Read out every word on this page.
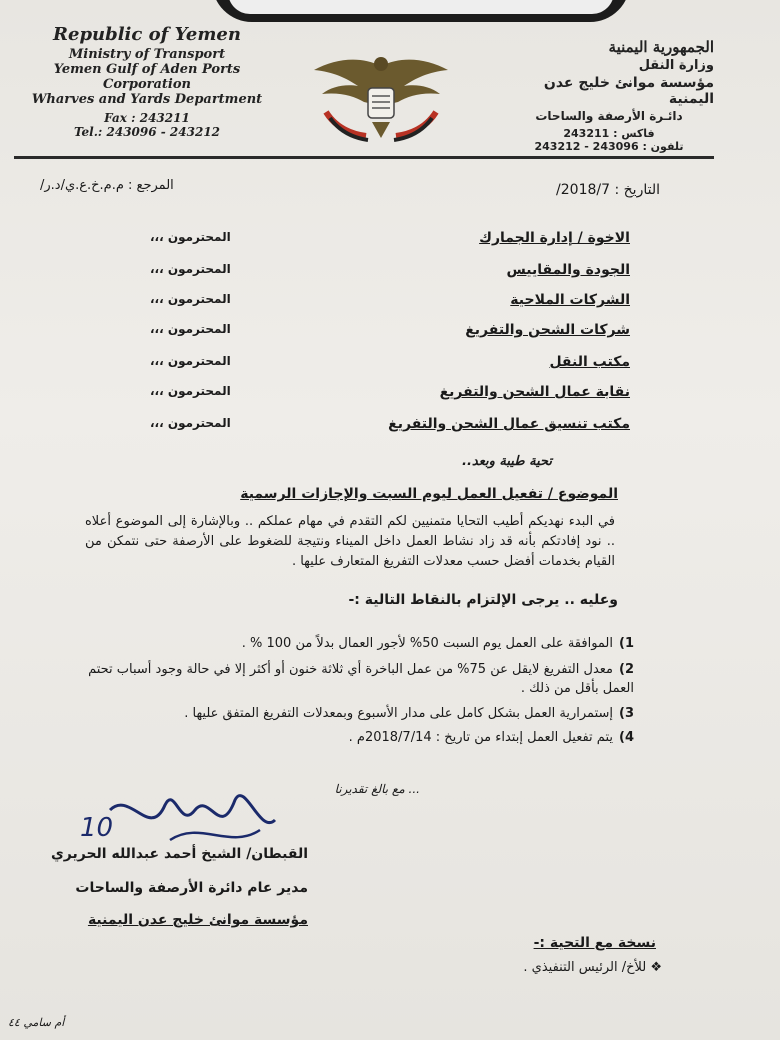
Republic of Yemen
Ministry of Transport
Yemen Gulf of Aden Ports Corporation
Wharves and Yards Department
Fax : 243211
Tel.: 243096 - 243212
الجمهورية اليمنية
وزارة النقل
مؤسسة موانئ خليج عدن اليمنية
دائـرة الأرصفة والساحات
فاكس : 243211
تلفون : 243096 - 243212
التاريخ : 2018/7/
المرجع : م.م.خ.ع.ي/د.ر/
الاخوة / إدارة الجمارك
المحترمون ،،،
الجودة والمقاييس
المحترمون ،،،
الشركات الملاحية
المحترمون ،،،
شركات الشحن والتفريغ
المحترمون ،،،
مكتب النقل
المحترمون ،،،
نقابة عمال الشحن والتفريغ
المحترمون ،،،
مكتب تنسيق عمال الشحن والتفريغ
المحترمون ،،،
تحية طيبة وبعد..
الموضوع / تفعيل العمل ليوم السبت والإجازات الرسمية
في البدء نهديكم أطيب التحايا متمنيين لكم التقدم في مهام عملكم .. وبالإشارة إلى الموضوع أعلاه .. نود إفادتكم بأنه قد زاد نشاط العمل داخل الميناء ونتيجة للضغوط على الأرصفة حتى نتمكن من القيام بخدمات أفضل حسب معدلات التفريغ المتعارف عليها .
وعليه .. يرجى الإلتزام بالنقاط التالية :-
1)الموافقة على العمل يوم السبت 50% لأجور العمال بدلاً من 100 % .
2)معدل التفريغ لايقل عن 75% من عمل الباخرة أي ثلاثة خنون أو أكثر إلا في حالة وجود أسباب تحتم العمل بأقل من ذلك .
3)إستمرارية العمل بشكل كامل على مدار الأسبوع وبمعدلات التفريغ المتفق عليها .
4)يتم تفعيل العمل إبتداء من تاريخ : 2018/7/14م .
... مع بالغ تقديرنا
10
القبطان/ الشيخ أحمد عبدالله الحريري
مدير عام دائرة الأرصفة والساحات
مؤسسة موانئ خليج عدن اليمنية
نسخة مع التحية :-
❖ للأخ/ الرئيس التنفيذي .
أم سامي ٤٤
